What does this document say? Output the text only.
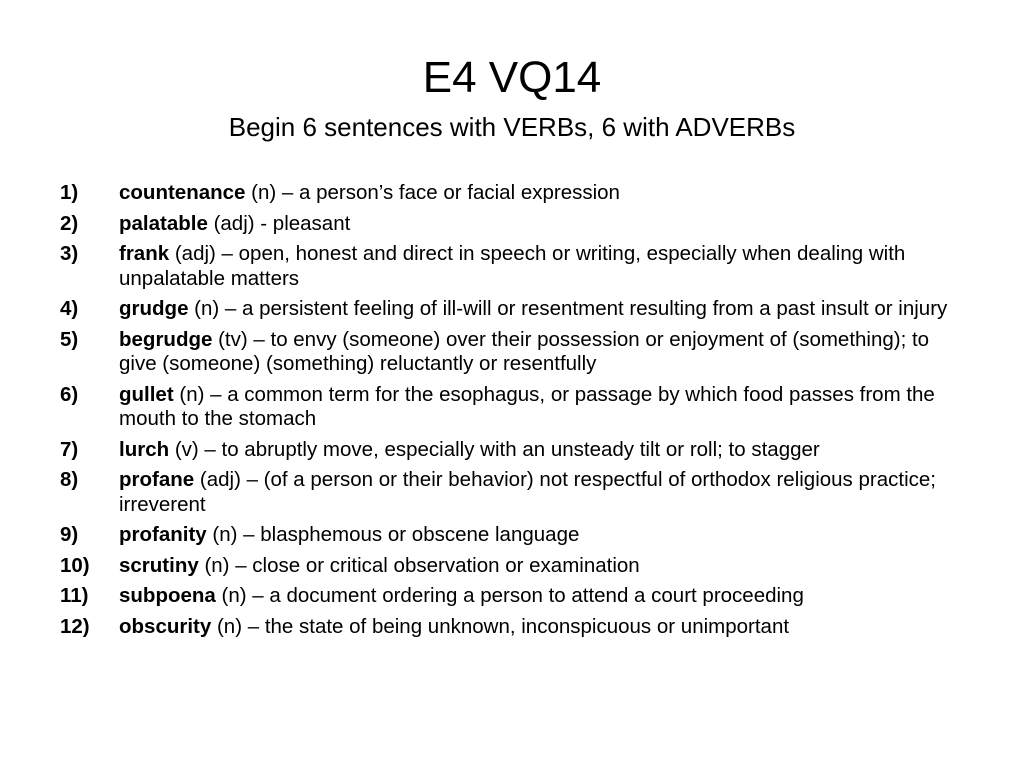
E4 VQ14
Begin 6 sentences with VERBs, 6 with ADVERBs
1) countenance (n) – a person’s face or facial expression
2) palatable (adj) - pleasant
3) frank (adj) – open, honest and direct in speech or writing, especially when dealing with unpalatable matters
4) grudge (n) – a persistent feeling of ill-will or resentment resulting from a past insult or injury
5) begrudge (tv) – to envy (someone) over their possession or enjoyment of (something); to give (someone) (something) reluctantly or resentfully
6) gullet (n) – a common term for the esophagus, or passage by which food passes from the mouth to the stomach
7) lurch (v) – to abruptly move, especially with an unsteady tilt or roll; to stagger
8) profane (adj) – (of a person or their behavior) not respectful of orthodox religious practice; irreverent
9) profanity (n) – blasphemous or obscene language
10) scrutiny (n) – close or critical observation or examination
11) subpoena (n) – a document ordering a person to attend a court proceeding
12) obscurity (n) – the state of being unknown, inconspicuous or unimportant
